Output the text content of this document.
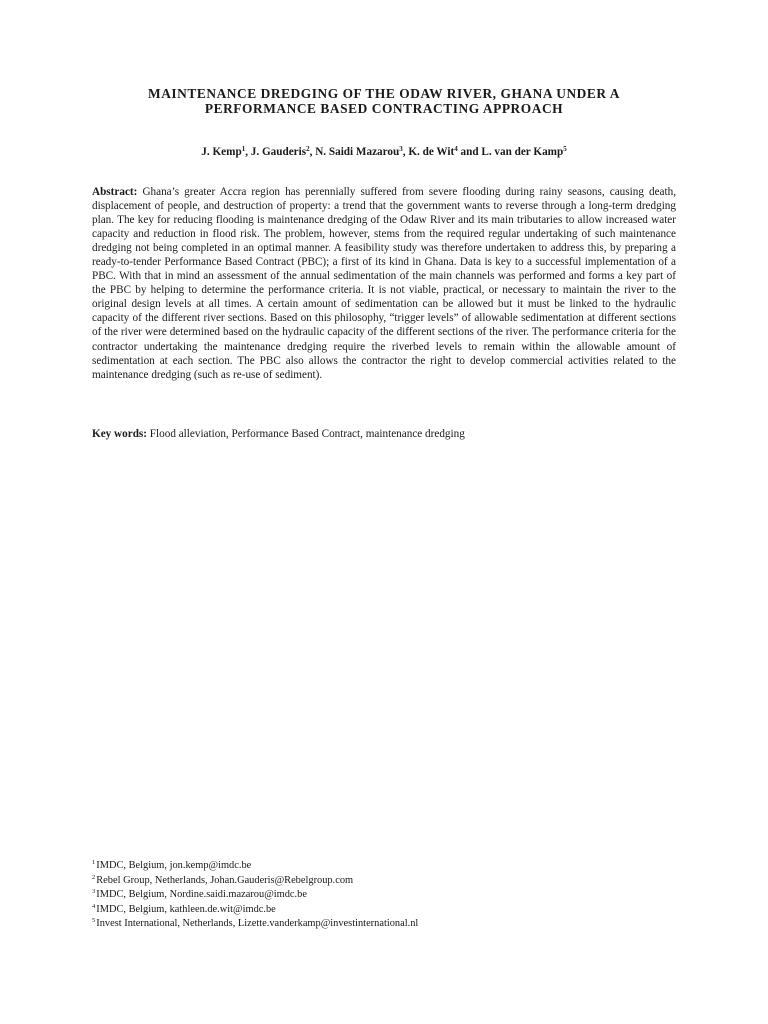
MAINTENANCE DREDGING OF THE ODAW RIVER, GHANA UNDER A PERFORMANCE BASED CONTRACTING APPROACH

J. Kemp$^1$, J. Gauderis$^2$, N. Saidi Mazarou$^3$, K. de Wit$^4$ and L. van der Kamp$^5$

Abstract: Ghana’s greater Accra region has perennially suffered from severe flooding during rainy seasons, causing death, displacement of people, and destruction of property: a trend that the government wants to reverse through a long-term dredging plan. The key for reducing flooding is maintenance dredging of the Odaw River and its main tributaries to allow increased water capacity and reduction in flood risk. The problem, however, stems from the required regular undertaking of such maintenance dredging not being completed in an optimal manner. A feasibility study was therefore undertaken to address this, by preparing a ready-to-tender Performance Based Contract (PBC); a first of its kind in Ghana. Data is key to a successful implementation of a PBC. With that in mind an assessment of the annual sedimentation of the main channels was performed and forms a key part of the PBC by helping to determine the performance criteria. It is not viable, practical, or necessary to maintain the river to the original design levels at all times. A certain amount of sedimentation can be allowed but it must be linked to the hydraulic capacity of the different river sections. Based on this philosophy, “trigger levels” of allowable sedimentation at different sections of the river were determined based on the hydraulic capacity of the different sections of the river. The performance criteria for the contractor undertaking the maintenance dredging require the riverbed levels to remain within the allowable amount of sedimentation at each section. The PBC also allows the contractor the right to develop commercial activities related to the maintenance dredging (such as re-use of sediment).

Key words: Flood alleviation, Performance Based Contract, maintenance dredging

$^1$IMDC, Belgium, jon.kemp@imdc.be
$^2$Rebel Group, Netherlands, Johan.Gauderis@Rebelgroup.com
$^3$IMDC, Belgium, Nordine.saidi.mazarou@imdc.be
$^4$IMDC, Belgium, kathleen.de.wit@imdc.be
$^5$Invest International, Netherlands, Lizette.vanderkamp@investinternational.nl
